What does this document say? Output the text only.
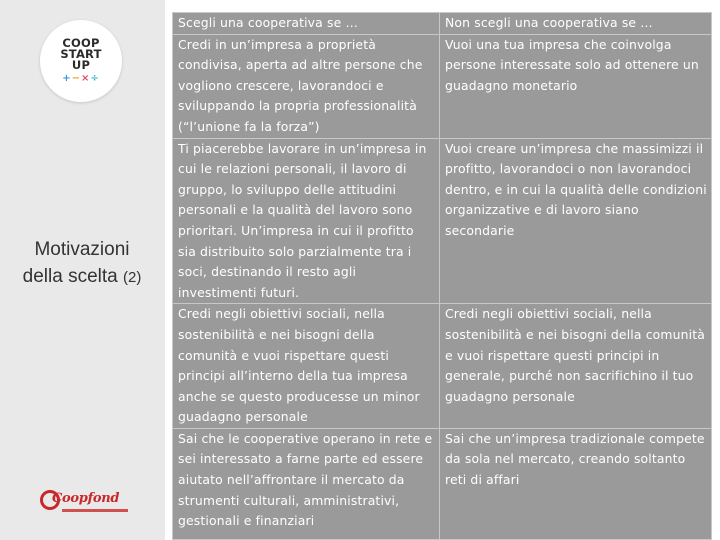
COOP
START
UP
+−×÷
Motivazioni
della scelta (2)
Coopfond
Scegli una cooperativa se …	Non scegli una cooperativa se …
Credi in un’impresa a proprietà condivisa, aperta ad altre persone che vogliono crescere, lavorandoci e sviluppando la propria professionalità (“l’unione fa la forza”)	Vuoi una tua impresa che coinvolga persone interessate solo ad ottenere un guadagno monetario
Ti piacerebbe lavorare in un’impresa in cui le relazioni personali, il lavoro di gruppo, lo sviluppo delle attitudini personali e la qualità del lavoro sono prioritari. Un’impresa in cui il profitto sia distribuito solo parzialmente tra i soci, destinando il resto agli investimenti futuri.	Vuoi creare un’impresa che massimizzi il profitto, lavorandoci o non lavorandoci dentro, e in cui la qualità delle condizioni organizzative e di lavoro siano secondarie
Credi negli obiettivi sociali, nella sostenibilità e nei bisogni della comunità e vuoi rispettare questi principi all’interno della tua impresa anche se questo producesse un minor guadagno personale	Credi negli obiettivi sociali, nella sostenibilità e nei bisogni della comunità e vuoi rispettare questi principi in generale, purché non sacrifichino il tuo guadagno personale
Sai che le cooperative operano in rete e sei interessato a farne parte ed essere aiutato nell’affrontare il mercato da strumenti culturali, amministrativi, gestionali e finanziari	Sai che un’impresa tradizionale compete da sola nel mercato, creando soltanto reti di affari
